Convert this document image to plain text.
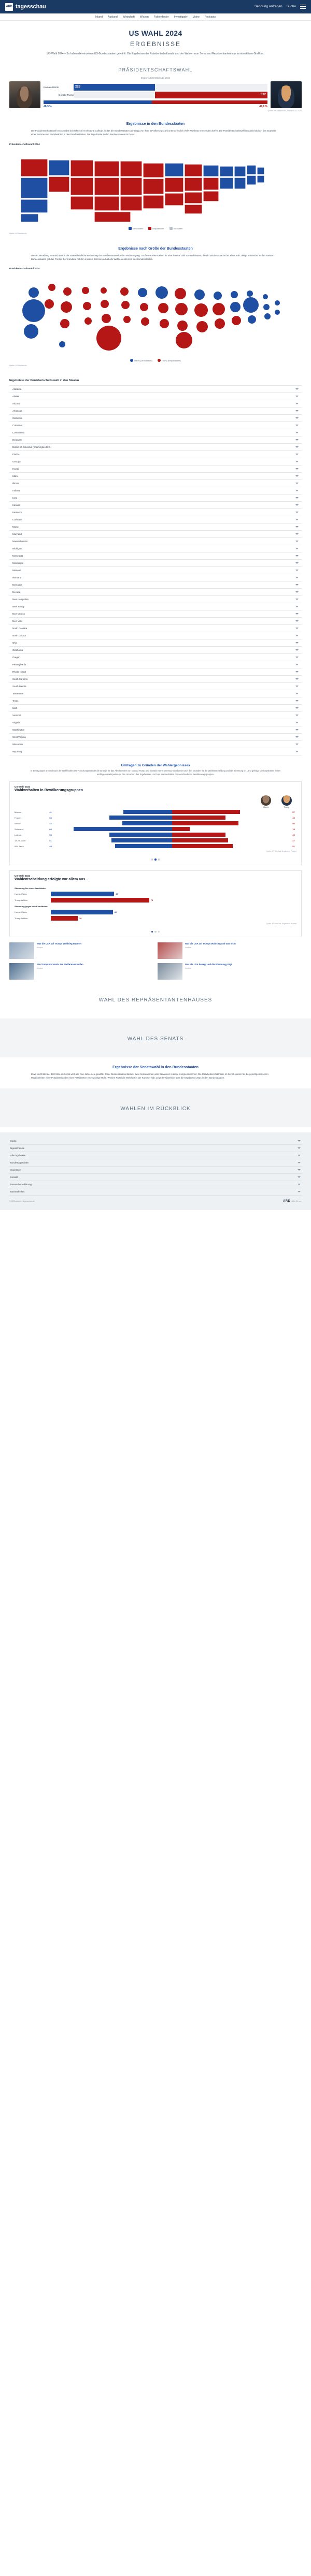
ARD tagesschau	Sendung anfragen Suche
Inland Ausland Wirtschaft Wissen Faktenfinder Investigativ Video Podcasts
US WAHL 2024
ERGEBNISSE
US-Wahl 2024 – So haben die einzelnen US-Bundesstaaten gewählt: Die Ergebnisse der Präsidentschaftswahl und der Wahlen zum Senat und Repräsentantenhaus in interaktiven Grafiken.
PRÄSIDENTSCHAFTSWAHL
Ergebnis 538 Wahlleute, 2024
Kamala Harris	226
Donald Trump	312
48,3 %	49,9 %
Quelle: AP/Wahlstudio, Stand 06.11.2024
Ergebnisse in den Bundesstaaten
Die Präsidentschaftswahl entscheidet sich faktisch im Electoral College, in das die Bundesstaaten abhängig von ihrer Bevölkerungszahl unterschiedlich viele Wahlleute entsenden dürfen. Die Präsidentschaftswahl ist damit faktisch das Ergebnis einer Summe von Einzelwahlen in den Bundesstaaten. Die Ergebnisse in den Bundesstaaten im Detail.
Präsidentschaftswahl 2024
Demokraten	Republikaner	noch offen
Quelle: AP/Wahlstudio
Ergebnisse nach Größe der Bundesstaaten
Diese Darstellung veranschaulicht die unterschiedliche Bedeutung der Bundesstaaten für den Wahlausgang: Größere Kreise stehen für eine höhere Zahl von Wahlleuten, die ein Bundesstaat in das Electoral College entsendet. In den meisten Bundesstaaten gilt das Prinzip: Der Kandidat mit den meisten Stimmen erhält alle Wahlleutestimmen des Bundesstaates.
Präsidentschaftswahl 2024
Harris (Demokraten)	Trump (Republikaner)
Quelle: AP/Wahlstudio
Ergebnisse der Präsidentschaftswahl in den Staaten
Alabama
Alaska
Arizona
Arkansas
California
Colorado
Connecticut
Delaware
District of Columbia (Washington D.C.)
Florida
Georgia
Hawaii
Idaho
Illinois
Indiana
Iowa
Kansas
Kentucky
Louisiana
Maine
Maryland
Massachusetts
Michigan
Minnesota
Mississippi
Missouri
Montana
Nebraska
Nevada
New Hampshire
New Jersey
New Mexico
New York
North Carolina
North Dakota
Ohio
Oklahoma
Oregon
Pennsylvania
Rhode Island
South Carolina
South Dakota
Tennessee
Texas
Utah
Vermont
Virginia
Washington
West Virginia
Wisconsin
Wyoming
Umfragen zu Gründen der Wahlergebnisses
In Befragungen am und nach der Wahl haben US-Forschungsinstitute die Gründe für das Abschneiden von Donald Trump und Kamala Harris untersucht und auch nach den Gründen für die Wahlentscheidung und die Stimmung im Land gefragt. Die Ergebnisse liefern wichtige Anhaltspunkte zu den Ursachen des Ergebnisses und zum Wahlverhalten der verschiedenen Bevölkerungsgruppen.
US-Wahl 2024
Wahlverhalten in Bevölkerungsgruppen
Harris	Trump
Männer	41	57
Frauen	53	45
Weiße	42	56
Schwarze	83	15
Latinos	53	45
18-29 Jahre	51	47
65+ Jahre	48	51
Quelle: AP VoteCast, Angaben in Prozent
US-Wahl 2024
Wahlentscheidung erfolgte vor allem aus...
Stimmung für einen Kandidaten
Harris-Wähler	47
Trump-Wähler	73
Stimmung gegen den Kandidaten
Harris-Wähler	46
Trump-Wähler	20
Quelle: AP VoteCast, Angaben in Prozent
Was die USA auf Trumps Wahlsieg erwartet
Analyse
Was die USA auf Trumps Wahlsieg und was nicht
Analyse
Wie Trump und Harris ins Weiße Haus wollen
Analyse
Was die USA bewegt und die Stimmung prägt
Analyse
WAHL DES REPRÄSENTANTENHAUSES
WAHL DES SENATS
Ergebnisse der Senatswahl in den Bundesstaaten
Etwa ein Drittel der 100 Sitze im Senat wird alle zwei Jahre neu gewählt. Jeder Bundesstaat entsendet zwei Senatorinnen oder Senatoren in diese Kongresskammer. Die Mehrheitsverhältnisse im Senat spielen für die gesetzgeberischen Möglichkeiten einer Präsidentin oder eines Präsidenten eine wichtige Rolle. Welche Partei die Mehrheit in der Kammer hält, zeigt der Überblick über die Ergebnisse 2024 in den Bundesstaaten.
WAHLEN IM RÜCKBLICK
Inland
tagesschau.de
Alle Ergebnisse
Bundestagswahlen
Impressum
Kontakt
Datenschutzerklärung
Barrierefreiheit
© ARD-aktuell / tagesschau.de	ARD Das Erste
